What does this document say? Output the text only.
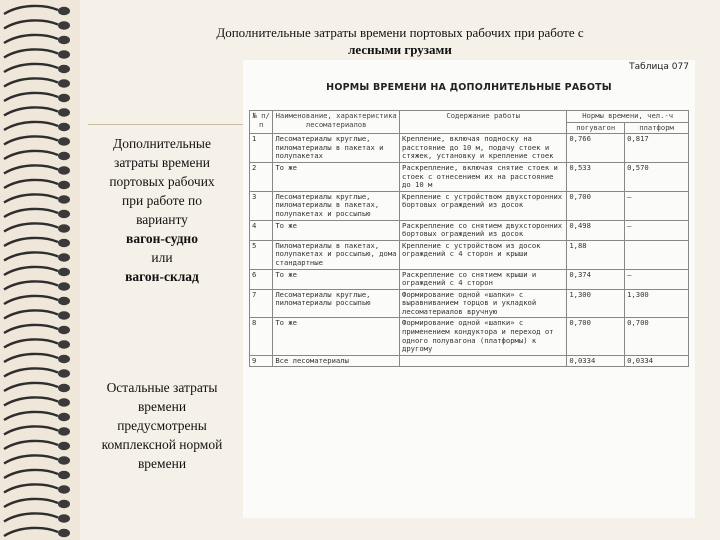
Дополнительные затраты времени портовых рабочих при работе с
лесными грузами
Дополнительные
затраты времени
портовых рабочих
при работе по
варианту
вагон-судно
или
вагон-склад
Остальные затраты
времени
предусмотрены
комплексной нормой
времени
Таблица 077
НОРМЫ ВРЕМЕНИ НА ДОПОЛНИТЕЛЬНЫЕ РАБОТЫ
№ п/п	Наименование, характеристика лесоматериалов	Содержание работы	Нормы времени, чел.-ч	
			погувагон	платформ
1	Лесоматериалы круглые, пиломатериалы в пакетах и полупакетах	Крепление, включая подноску на расстояние до 10 м, подачу стоек и стяжек, установку и крепление стоек	0,766	0,817
2	То же	Раскрепление, включая снятие стоек и стоек с отнесением их на расстояние до 10 м	0,533	0,570
3	Лесоматериалы круглые, пиломатериалы в пакетах, полупакетах и россыпью	Крепление с устройством двухсторонних бортовых ограждений из досок	0,700	–
4	То же	Раскрепление со снятием двухсторонних бортовых ограждений из досок	0,498	–
5	Пиломатериалы в пакетах, полупакетах и россыпью, дома стандартные	Крепление с устройством из досок ограждений с 4 сторон и крыши	1,88	
6	То же	Раскрепление со снятием крыши и ограждений с 4 сторон	0,374	–
7	Лесоматериалы круглые, пиломатериалы россыпью	Формирование одной «шапки» с выравниванием торцов и укладкой лесоматериалов вручную	1,300	1,300
8	То же	Формирование одной «шапки» с применением кондуктора и переход от одного полувагона (платформы) к другому	0,700	0,700
9	Все лесоматериалы		0,0334	0,0334
